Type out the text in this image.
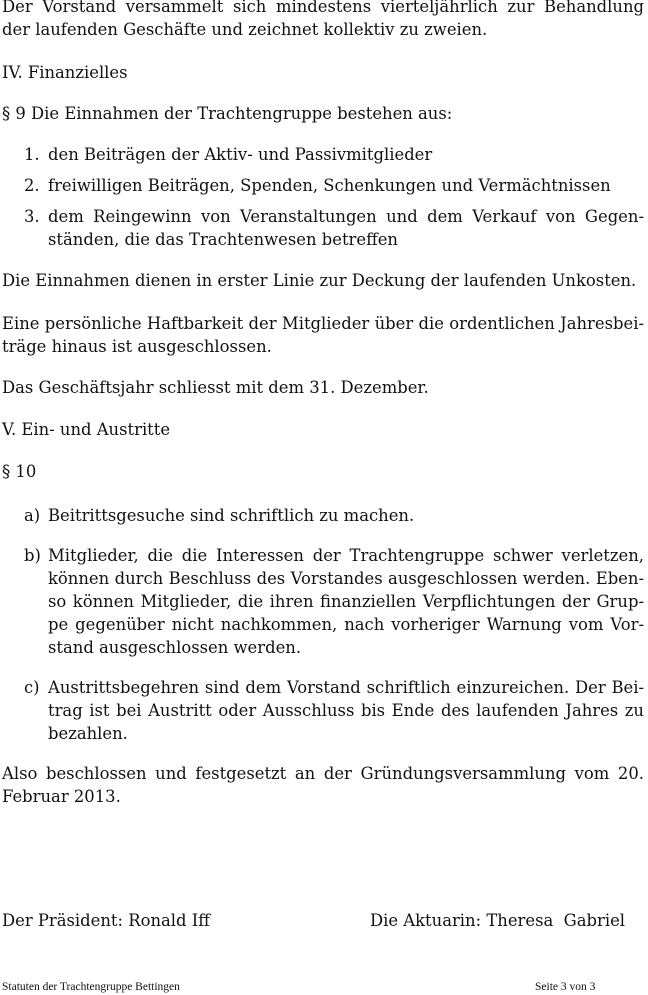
Der Vorstand versammelt sich mindestens vierteljährlich zur Behandlung der laufenden Geschäfte und zeichnet kollektiv zu zweien.

IV. Finanzielles

§ 9 Die Einnahmen der Trachtengruppe bestehen aus:

1. den Beiträgen der Aktiv- und Passivmitglieder
2. freiwilligen Beiträgen, Spenden, Schenkungen und Vermächtnissen
3. dem Reingewinn von Veranstaltungen und dem Verkauf von Gegenständen, die das Trachtenwesen betreffen

Die Einnahmen dienen in erster Linie zur Deckung der laufenden Unkosten.

Eine persönliche Haftbarkeit der Mitglieder über die ordentlichen Jahresbeiträge hinaus ist ausgeschlossen.

Das Geschäftsjahr schliesst mit dem 31. Dezember.

V. Ein- und Austritte

§ 10

a) Beitrittsgesuche sind schriftlich zu machen.
b) Mitglieder, die die Interessen der Trachtengruppe schwer verletzen, können durch Beschluss des Vorstandes ausgeschlossen werden. Ebenso können Mitglieder, die ihren finanziellen Verpflichtungen der Gruppe gegenüber nicht nachkommen, nach vorheriger Warnung vom Vorstand ausgeschlossen werden.
c) Austrittsbegehren sind dem Vorstand schriftlich einzureichen. Der Beitrag ist bei Austritt oder Ausschluss bis Ende des laufenden Jahres zu bezahlen.

Also beschlossen und festgesetzt an der Gründungsversammlung vom 20. Februar 2013.

Der Präsident: Ronald Iff	Die Aktuarin: Theresa  Gabriel
Statuten der Trachtengruppe Bettingen	Seite 3 von 3
